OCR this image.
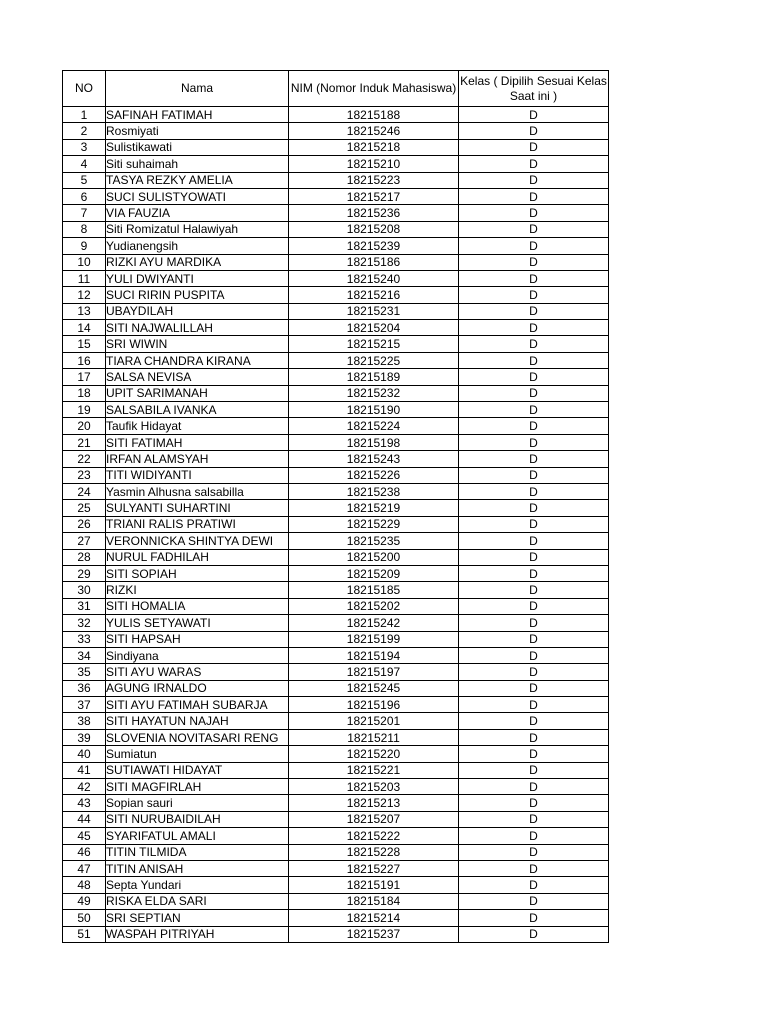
NO	Nama	NIM (Nomor Induk Mahasiswa)	Kelas ( Dipilih Sesuai Kelas Saat ini )
1	SAFINAH FATIMAH	18215188	D
2	Rosmiyati	18215246	D
3	Sulistikawati	18215218	D
4	Siti suhaimah	18215210	D
5	TASYA REZKY AMELIA	18215223	D
6	SUCI SULISTYOWATI	18215217	D
7	VIA FAUZIA	18215236	D
8	Siti Romizatul Halawiyah	18215208	D
9	Yudianengsih	18215239	D
10	RIZKI AYU MARDIKA	18215186	D
11	YULI DWIYANTI	18215240	D
12	SUCI RIRIN PUSPITA	18215216	D
13	UBAYDILAH	18215231	D
14	SITI NAJWALILLAH	18215204	D
15	SRI WIWIN	18215215	D
16	TIARA CHANDRA KIRANA	18215225	D
17	SALSA NEVISA	18215189	D
18	UPIT SARIMANAH	18215232	D
19	SALSABILA IVANKA	18215190	D
20	Taufik Hidayat	18215224	D
21	SITI FATIMAH	18215198	D
22	IRFAN ALAMSYAH	18215243	D
23	TITI WIDIYANTI	18215226	D
24	Yasmin Alhusna salsabilla	18215238	D
25	SULYANTI SUHARTINI	18215219	D
26	TRIANI RALIS PRATIWI	18215229	D
27	VERONNICKA SHINTYA DEWI	18215235	D
28	NURUL FADHILAH	18215200	D
29	SITI SOPIAH	18215209	D
30	RIZKI	18215185	D
31	SITI HOMALIA	18215202	D
32	YULIS SETYAWATI	18215242	D
33	SITI HAPSAH	18215199	D
34	Sindiyana	18215194	D
35	SITI AYU WARAS	18215197	D
36	AGUNG IRNALDO	18215245	D
37	SITI AYU FATIMAH SUBARJA	18215196	D
38	SITI HAYATUN NAJAH	18215201	D
39	SLOVENIA NOVITASARI RENG	18215211	D
40	Sumiatun	18215220	D
41	SUTIAWATI HIDAYAT	18215221	D
42	SITI MAGFIRLAH	18215203	D
43	Sopian sauri	18215213	D
44	SITI NURUBAIDILAH	18215207	D
45	SYARIFATUL AMALI	18215222	D
46	TITIN TILMIDA	18215228	D
47	TITIN ANISAH	18215227	D
48	Septa Yundari	18215191	D
49	RISKA ELDA SARI	18215184	D
50	SRI SEPTIAN	18215214	D
51	WASPAH PITRIYAH	18215237	D
